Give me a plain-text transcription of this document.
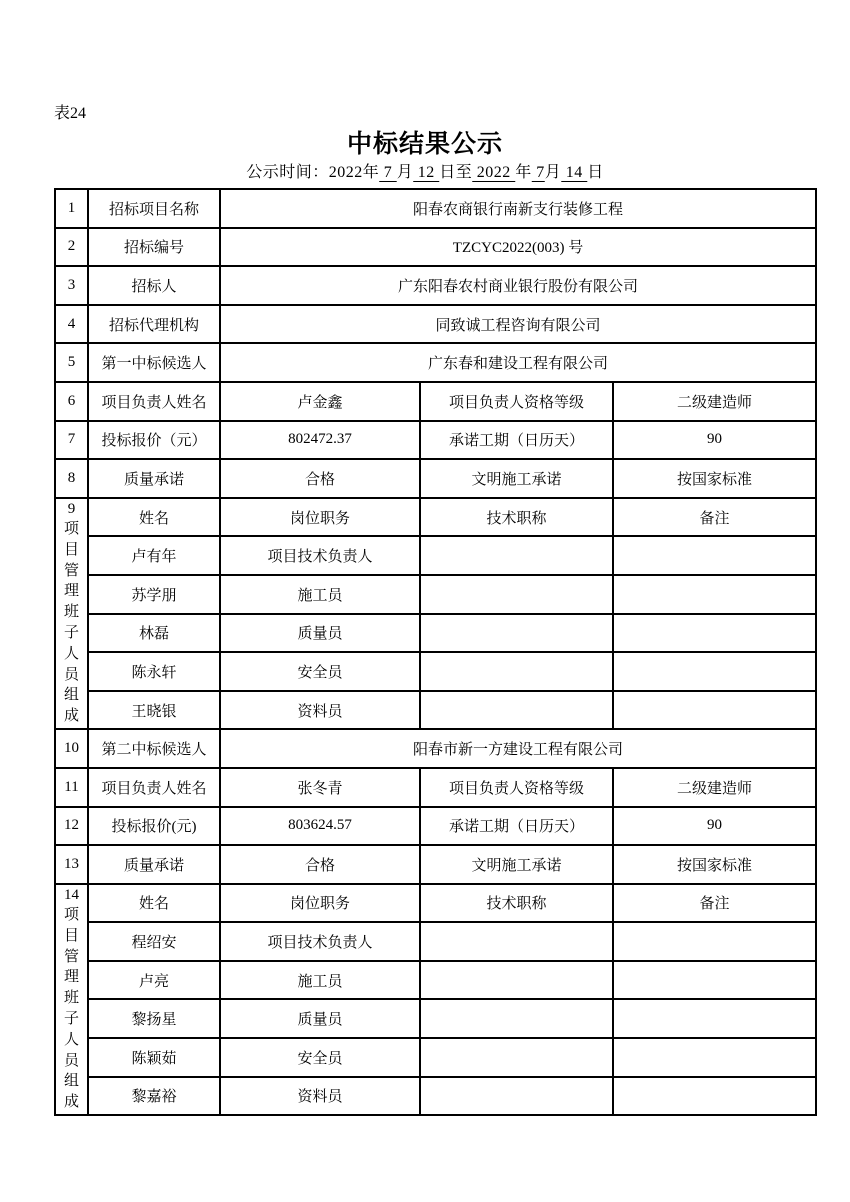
表24
中标结果公示
公示时间：2022年 7 月 12 日至 2022 年 7月 14 日
1	招标项目名称	阳春农商银行南新支行装修工程		
2	招标编号	TZCYC2022(003) 号		
3	招标人	广东阳春农村商业银行股份有限公司		
4	招标代理机构	同致诚工程咨询有限公司		
5	第一中标候选人	广东春和建设工程有限公司		
6	项目负责人姓名	卢金鑫	项目负责人资格等级	二级建造师
7	投标报价（元）	802472.37	承诺工期（日历天）	90
8	质量承诺	合格	文明施工承诺	按国家标准

9
项目管理班子人员组成	姓名	岗位职务	技术职称	备注
	卢有年	项目技术负责人		
	苏学朋	施工员		
	林磊	质量员		
	陈永轩	安全员		
	王晓银	资料员		
10	第二中标候选人	阳春市新一方建设工程有限公司		
11	项目负责人姓名	张冬青	项目负责人资格等级	二级建造师
12	投标报价(元)	803624.57	承诺工期（日历天）	90
13	质量承诺	合格	文明施工承诺	按国家标准

14
项目管理班子人员组成	姓名	岗位职务	技术职称	备注
	程绍安	项目技术负责人		
	卢亮	施工员		
	黎扬星	质量员		
	陈颖茹	安全员		
	黎嘉裕	资料员		
